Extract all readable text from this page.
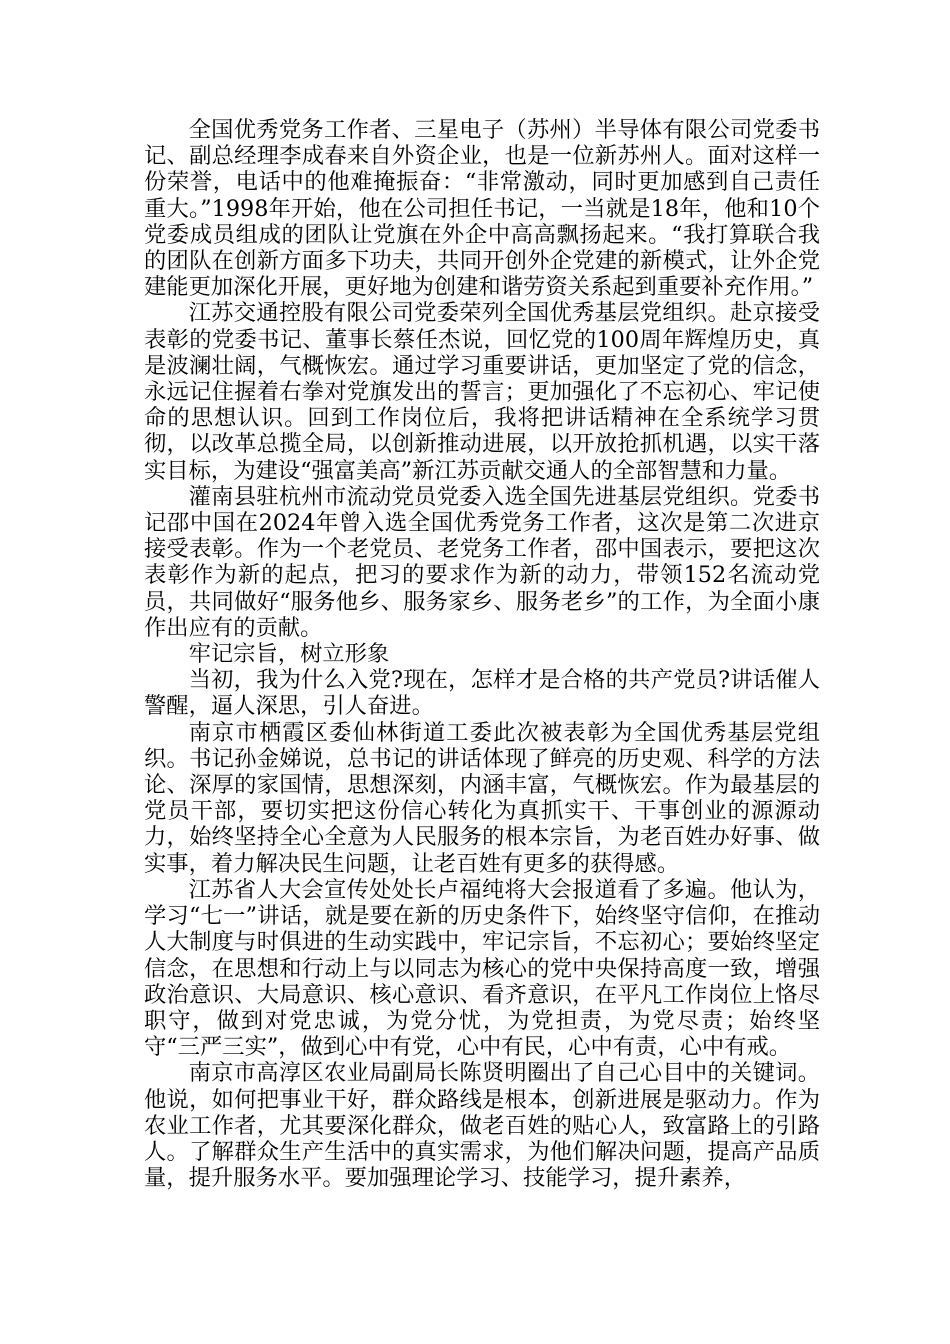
全国优秀党务工作者、三星电子（苏州）半导体有限公司党委书记、副总经理李成春来自外资企业，也是一位新苏州人。面对这样一份荣誉，电话中的他难掩振奋：“非常激动，同时更加感到自己责任重大。”1998年开始，他在公司担任书记，一当就是18年，他和10个党委成员组成的团队让党旗在外企中高高飘扬起来。“我打算联合我的团队在创新方面多下功夫，共同开创外企党建的新模式，让外企党建能更加深化开展，更好地为创建和谐劳资关系起到重要补充作用。”

江苏交通控股有限公司党委荣列全国优秀基层党组织。赴京接受表彰的党委书记、董事长蔡任杰说，回忆党的100周年辉煌历史，真是波澜壮阔，气概恢宏。通过学习重要讲话，更加坚定了党的信念，永远记住握着右拳对党旗发出的誓言；更加强化了不忘初心、牢记使命的思想认识。回到工作岗位后，我将把讲话精神在全系统学习贯彻，以改革总揽全局，以创新推动进展，以开放抢抓机遇，以实干落实目标，为建设“强富美高”新江苏贡献交通人的全部智慧和力量。

灌南县驻杭州市流动党员党委入选全国先进基层党组织。党委书记邵中国在2024年曾入选全国优秀党务工作者，这次是第二次进京接受表彰。作为一个老党员、老党务工作者，邵中国表示，要把这次表彰作为新的起点，把习的要求作为新的动力，带领152名流动党员，共同做好“服务他乡、服务家乡、服务老乡”的工作，为全面小康作出应有的贡献。

牢记宗旨，树立形象

当初，我为什么入党?现在，怎样才是合格的共产党员?讲话催人警醒，逼人深思，引人奋进。

南京市栖霞区委仙林街道工委此次被表彰为全国优秀基层党组织。书记孙金娣说，总书记的讲话体现了鲜亮的历史观、科学的方法论、深厚的家国情，思想深刻，内涵丰富，气概恢宏。作为最基层的党员干部，要切实把这份信心转化为真抓实干、干事创业的源源动力，始终坚持全心全意为人民服务的根本宗旨，为老百姓办好事、做实事，着力解决民生问题，让老百姓有更多的获得感。

江苏省人大会宣传处处长卢福纯将大会报道看了多遍。他认为，学习“七一”讲话，就是要在新的历史条件下，始终坚守信仰，在推动人大制度与时俱进的生动实践中，牢记宗旨，不忘初心；要始终坚定信念，在思想和行动上与以同志为核心的党中央保持高度一致，增强政治意识、大局意识、核心意识、看齐意识，在平凡工作岗位上恪尽职守，做到对党忠诚，为党分忧，为党担责，为党尽责；始终坚守“三严三实”，做到心中有党，心中有民，心中有责，心中有戒。

南京市高淳区农业局副局长陈贤明圈出了自己心目中的关键词。他说，如何把事业干好，群众路线是根本，创新进展是驱动力。作为农业工作者，尤其要深化群众，做老百姓的贴心人，致富路上的引路人。了解群众生产生活中的真实需求，为他们解决问题，提高产品质量，提升服务水平。要加强理论学习、技能学习，提升素养，
